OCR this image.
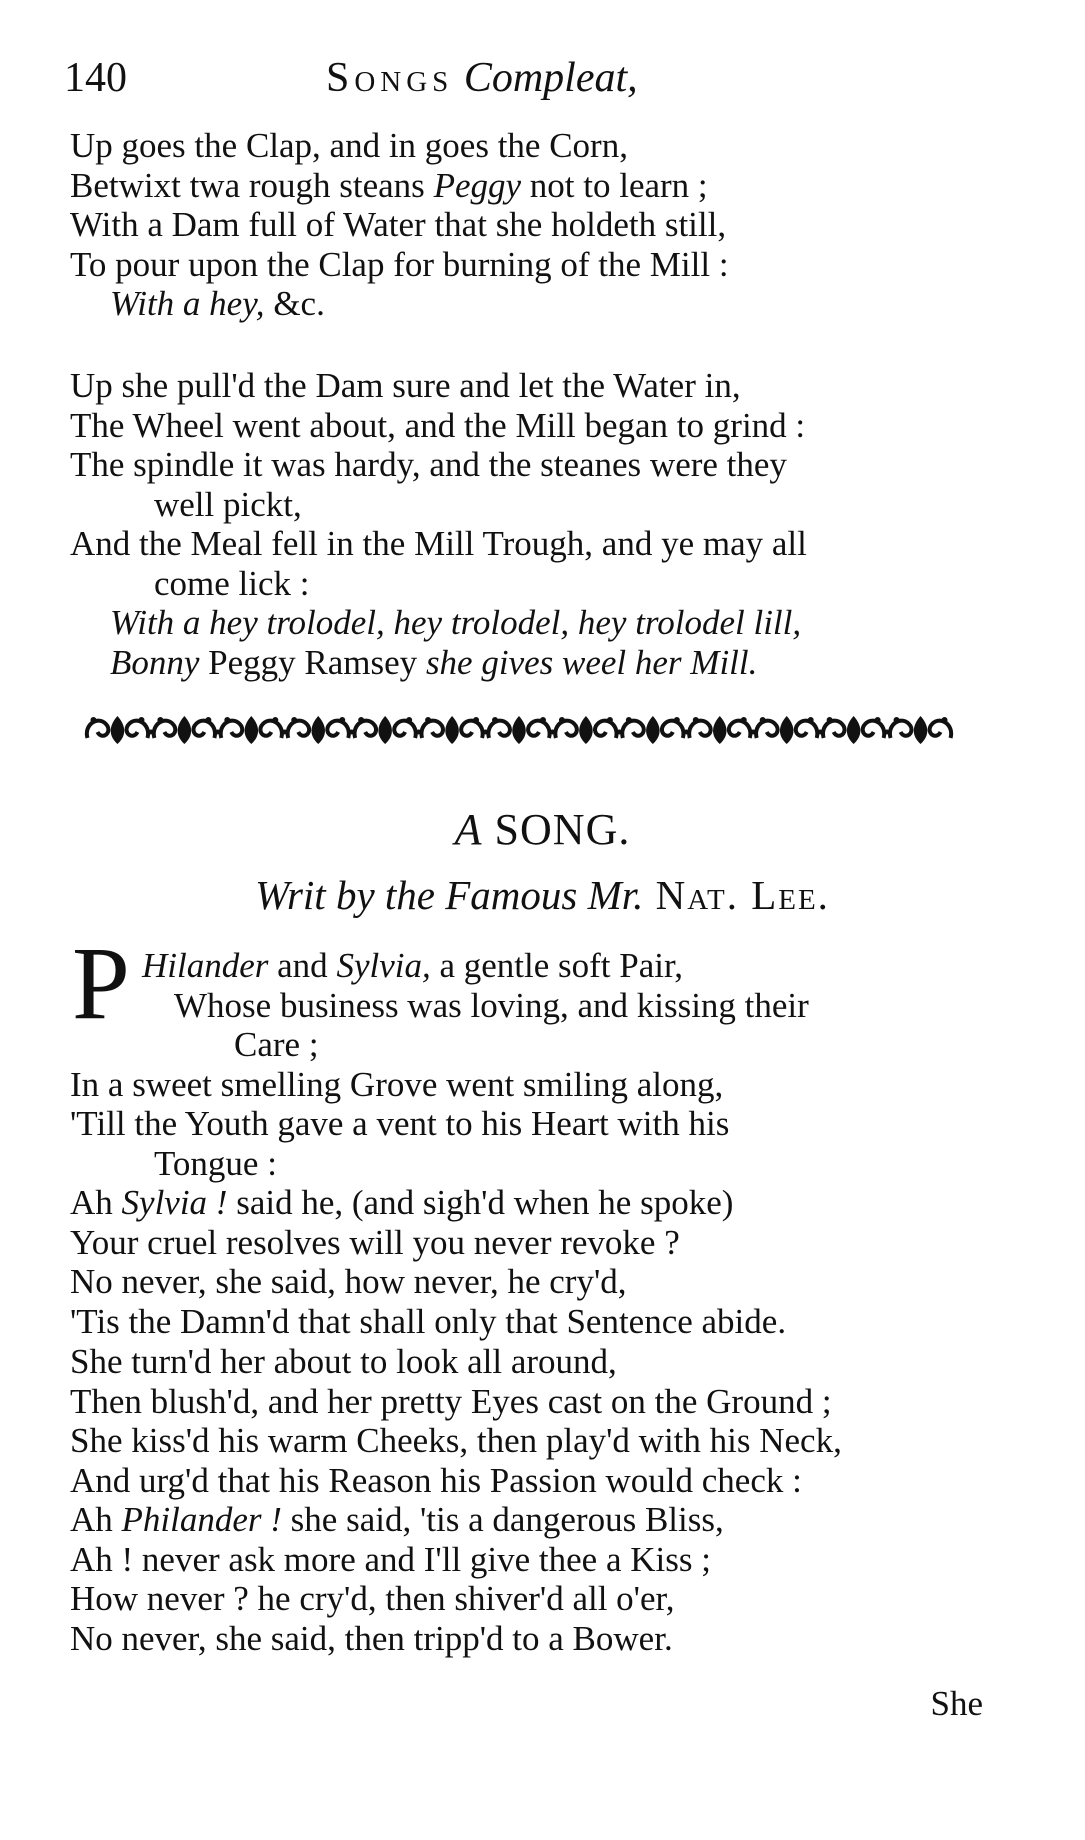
140	Songs Compleat,
Up goes the Clap, and in goes the Corn,
Betwixt twa rough steans Peggy not to learn ;
With a Dam full of Water that she holdeth still,
To pour upon the Clap for burning of the Mill :
With a hey, &c.
Up she pull'd the Dam sure and let the Water in,
The Wheel went about, and the Mill began to grind :
The spindle it was hardy, and the steanes were they
well pickt,
And the Meal fell in the Mill Trough, and ye may all
come lick :
With a hey trolodel, hey trolodel, hey trolodel lill,
Bonny Peggy Ramsey she gives weel her Mill.
A SONG.
Writ by the Famous Mr. Nat. Lee.
P Hilander and Sylvia, a gentle soft Pair,
Whose business was loving, and kissing their
Care ;
In a sweet smelling Grove went smiling along,
'Till the Youth gave a vent to his Heart with his
Tongue :
Ah Sylvia ! said he, (and sigh'd when he spoke)
Your cruel resolves will you never revoke ?
No never, she said, how never, he cry'd,
'Tis the Damn'd that shall only that Sentence abide.
She turn'd her about to look all around,
Then blush'd, and her pretty Eyes cast on the Ground ;
She kiss'd his warm Cheeks, then play'd with his Neck,
And urg'd that his Reason his Passion would check :
Ah Philander ! she said, 'tis a dangerous Bliss,
Ah ! never ask more and I'll give thee a Kiss ;
How never ? he cry'd, then shiver'd all o'er,
No never, she said, then tripp'd to a Bower.
She
